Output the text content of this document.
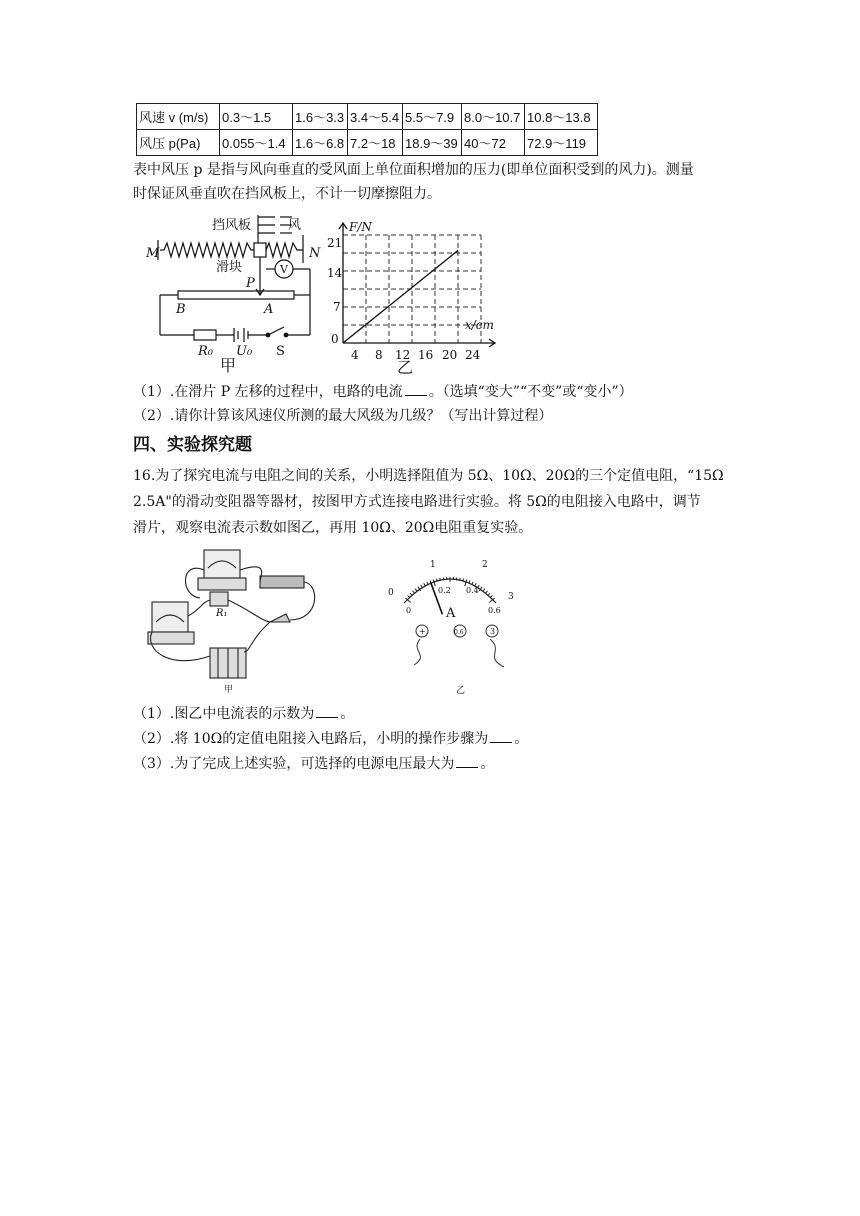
风速 v (m/s)	0.3～1.5	1.6～3.3	3.4～5.4	5.5～7.9	8.0～10.7	10.8～13.8
风压 p(Pa)	0.055～1.4	1.6～6.8	7.2～18	18.9～39	40～72	72.9～119
表中风压 p 是指与风向垂直的受风面上单位面积增加的压力(即单位面积受到的风力)。测量
时保证风垂直吹在挡风板上，不计一切摩擦阻力。
挡风板	风
M	N
滑块	V
P
B	A
R₀ U₀ S
甲
F/N
x/cm
0
4 8 12 16 20 24
7
14
21
乙
（1）.在滑片 P 左移的过程中，电路的电流 。（选填“变大”“不变”或“变小”）
（2）.请你计算该风速仪所测的最大风级为几级？（写出计算过程）
四、实验探究题
16.为了探究电流与电阻之间的关系，小明选择阻值为 5Ω、10Ω、20Ω的三个定值电阻，“15Ω
2.5A"的滑动变阻器等器材，按图甲方式连接电路进行实验。将 5Ω的电阻接入电路中，调节
滑片，观察电流表示数如图乙，再用 10Ω、20Ω电阻重复实验。
R₁
甲
0
1	2
3
0
0.2 0.4
0.6
A
+	0.6	3
乙
（1）.图乙中电流表的示数为 。
（2）.将 10Ω的定值电阻接入电路后，小明的操作步骤为 。
（3）.为了完成上述实验，可选择的电源电压最大为 。
